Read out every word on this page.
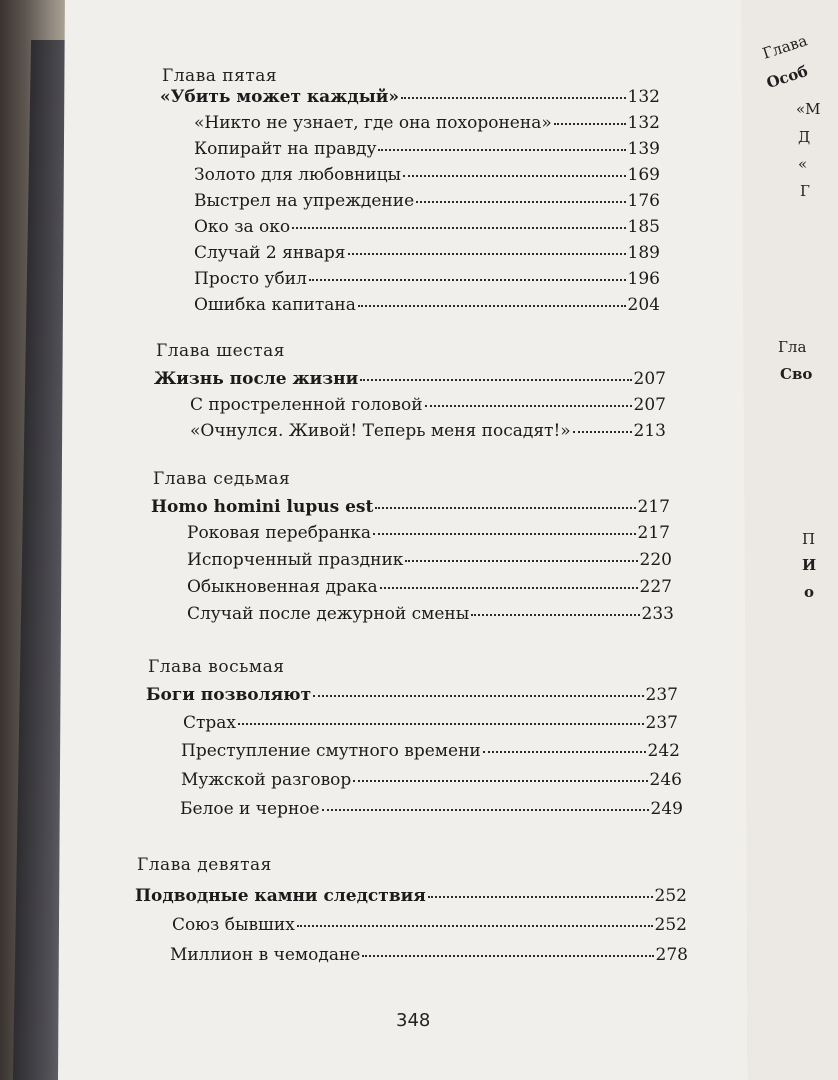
Глава
Особ
«М
Д
«
Г
Гла
Сво
П
И
о
Глава пятая
«Убить может каждый»	132
«Никто не узнает, где она похоронена»	132
Копирайт на правду	139
Золото для любовницы	169
Выстрел на упреждение	176
Око за око	185
Случай 2 января	189
Просто убил	196
Ошибка капитана	204
Глава шестая
Жизнь после жизни	207
С простреленной головой	207
«Очнулся. Живой! Теперь меня посадят!»	213
Глава седьмая
Homo homini lupus est	217
Роковая перебранка	217
Испорченный праздник	220
Обыкновенная драка	227
Случай после дежурной смены	233
Глава восьмая
Боги позволяют	237
Страх	237
Преступление смутного времени	242
Мужской разговор	246
Белое и черное	249
Глава девятая
Подводные камни следствия	252
Союз бывших	252
Миллион в чемодане	278
348
